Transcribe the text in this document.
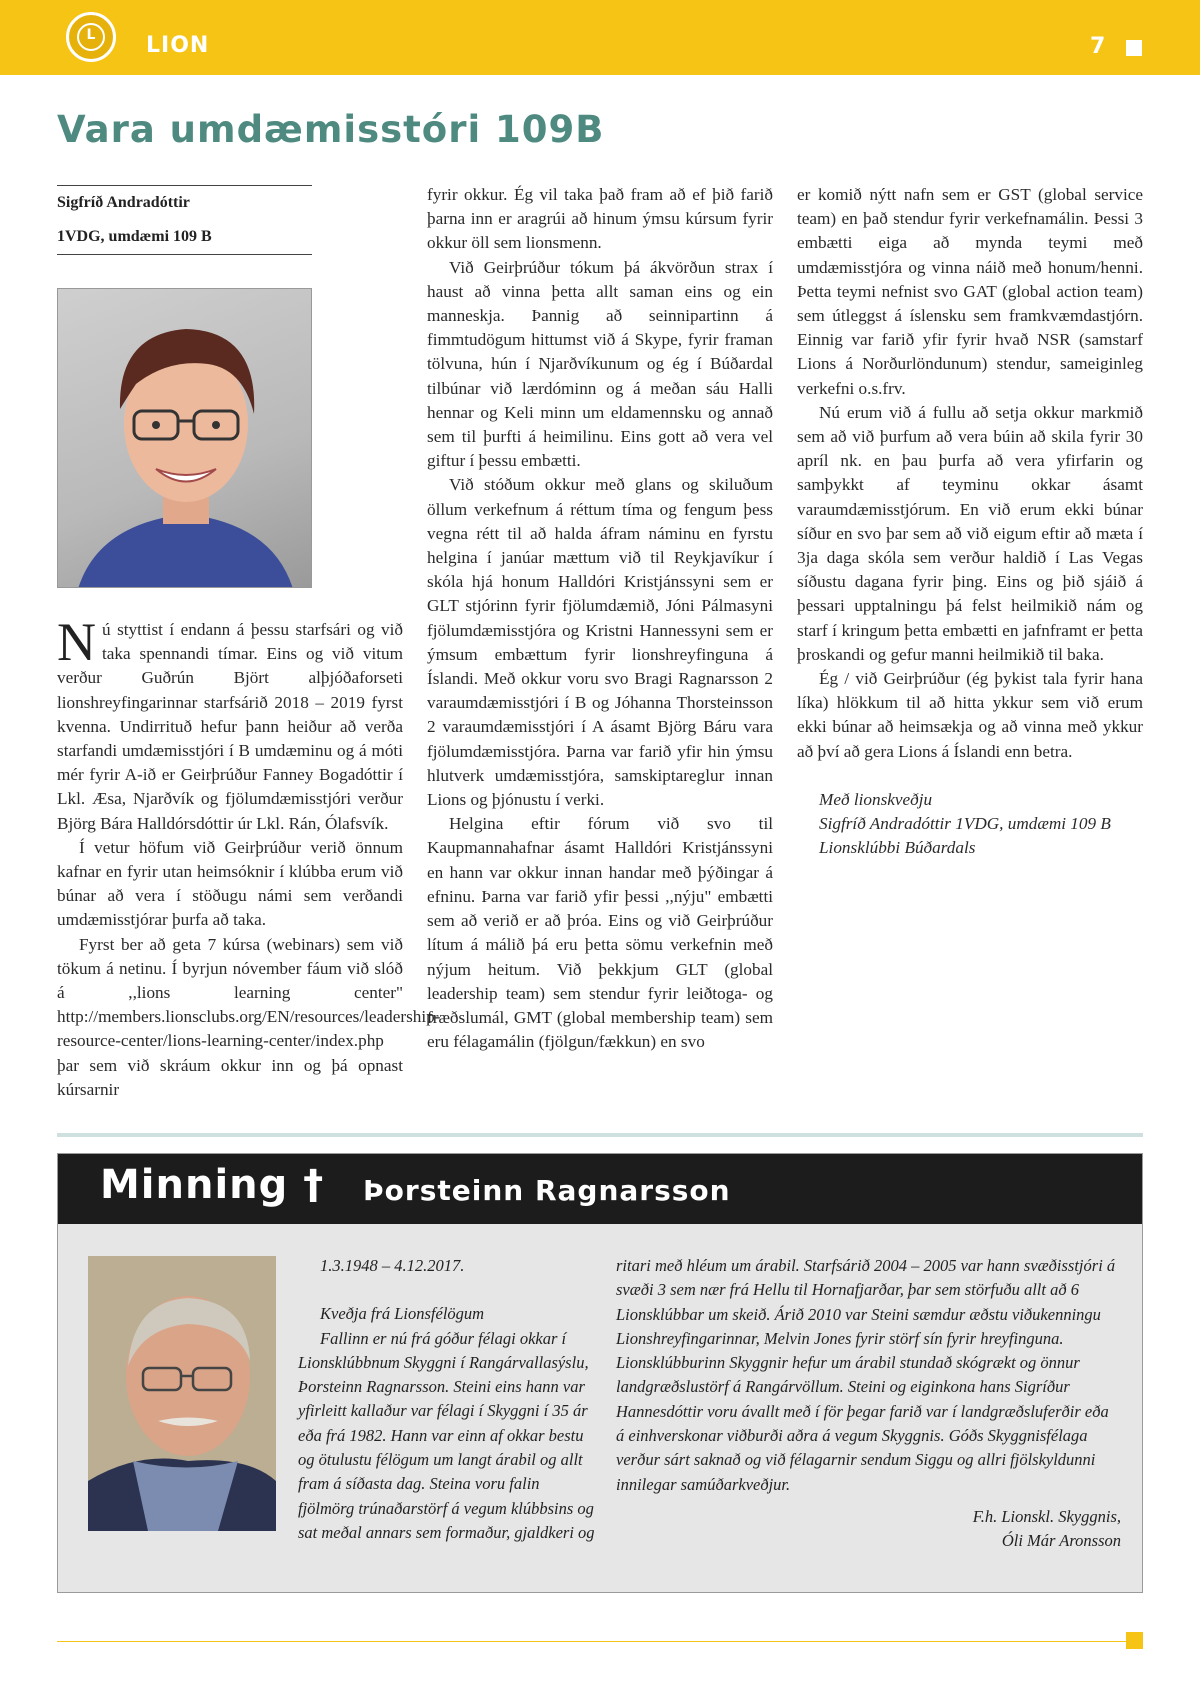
L	LION	7
Vara umdæmisstóri 109B
Sigfríð Andradóttir
1VDG, umdæmi 109 B
N ú styttist í endann á þessu starfsári og við taka spennandi tímar. Eins og við vitum verður Guðrún Björt alþjóðaforseti lionshreyfingarinnar starfsárið 2018 – 2019 fyrst kvenna. Undirrituð hefur þann heiður að verða starfandi umdæmisstjóri í B umdæminu og á móti mér fyrir A-ið er Geirþrúður Fanney Bogadóttir í Lkl. Æsa, Njarðvík og fjölumdæmisstjóri verður Björg Bára Halldórsdóttir úr Lkl. Rán, Ólafsvík.

Í vetur höfum við Geirþrúður verið önnum kafnar en fyrir utan heimsóknir í klúbba erum við búnar að vera í stöðugu námi sem verðandi umdæmisstjórar þurfa að taka.

Fyrst ber að geta 7 kúrsa (webinars) sem við tökum á netinu. Í byrjun nóvember fáum við slóð á ,,lions learning center" http://members.lionsclubs.org/EN/resources/leadership-resource-center/lions-learning-center/index.php þar sem við skráum okkur inn og þá opnast kúrsarnir

fyrir okkur. Ég vil taka það fram að ef þið farið þarna inn er aragrúi að hinum ýmsu kúrsum fyrir okkur öll sem lionsmenn.

Við Geirþrúður tókum þá ákvörðun strax í haust að vinna þetta allt saman eins og ein manneskja. Þannig að seinnipartinn á fimmtudögum hittumst við á Skype, fyrir framan tölvuna, hún í Njarðvíkunum og ég í Búðardal tilbúnar við lærdóminn og á meðan sáu Halli hennar og Keli minn um eldamennsku og annað sem til þurfti á heimilinu. Eins gott að vera vel giftur í þessu embætti.

Við stóðum okkur með glans og skiluðum öllum verkefnum á réttum tíma og fengum þess vegna rétt til að halda áfram náminu en fyrstu helgina í janúar mættum við til Reykjavíkur í skóla hjá honum Halldóri Kristjánssyni sem er GLT stjórinn fyrir fjölumdæmið, Jóni Pálmasyni fjölumdæmisstjóra og Kristni Hannessyni sem er ýmsum embættum fyrir lionshreyfinguna á Íslandi. Með okkur voru svo Bragi Ragnarsson 2 varaumdæmisstjóri í B og Jóhanna Thorsteinsson 2 varaumdæmisstjóri í A ásamt Björg Báru vara fjölumdæmisstjóra. Þarna var farið yfir hin ýmsu hlutverk umdæmisstjóra, samskiptareglur innan Lions og þjónustu í verki.

Helgina eftir fórum við svo til Kaupmannahafnar ásamt Halldóri Kristjánssyni en hann var okkur innan handar með þýðingar á efninu. Þarna var farið yfir þessi ,,nýju" embætti sem að verið er að þróa. Eins og við Geirþrúður lítum á málið þá eru þetta sömu verkefnin með nýjum heitum. Við þekkjum GLT (global leadership team) sem stendur fyrir leiðtoga- og fræðslumál, GMT (global membership team) sem eru félagamálin (fjölgun/fækkun) en svo

er komið nýtt nafn sem er GST (global service team) en það stendur fyrir verkefnamálin. Þessi 3 embætti eiga að mynda teymi með umdæmisstjóra og vinna náið með honum/henni. Þetta teymi nefnist svo GAT (global action team) sem útleggst á íslensku sem framkvæmdastjórn. Einnig var farið yfir fyrir hvað NSR (samstarf Lions á Norðurlöndunum) stendur, sameiginleg verkefni o.s.frv.

Nú erum við á fullu að setja okkur markmið sem að við þurfum að vera búin að skila fyrir 30 apríl nk. en þau þurfa að vera yfirfarin og samþykkt af teyminu okkar ásamt varaumdæmisstjórum. En við erum ekki búnar síður en svo þar sem að við eigum eftir að mæta í 3ja daga skóla sem verður haldið í Las Vegas síðustu dagana fyrir þing. Eins og þið sjáið á þessari upptalningu þá felst heilmikið nám og starf í kringum þetta embætti en jafnframt er þetta þroskandi og gefur manni heilmikið til baka.

Ég / við Geirþrúður (ég þykist tala fyrir hana líka) hlökkum til að hitta ykkur sem við erum ekki búnar að heimsækja og að vinna með ykkur að því að gera Lions á Íslandi enn betra.

Með lionskveðju
Sigfríð Andradóttir 1VDG, umdæmi 109 B
Lionsklúbbi Búðardals
Minning † Þorsteinn Ragnarsson
1.3.1948 – 4.12.2017.
Kveðja frá Lionsfélögum
Fallinn er nú frá góður félagi okkar í Lionsklúbbnum Skyggni í Rangárvallasýslu, Þorsteinn Ragnarsson. Steini eins hann var yfirleitt kallaður var félagi í Skyggni í 35 ár eða frá 1982. Hann var einn af okkar bestu og ötulustu félögum um langt árabil og allt fram á síðasta dag. Steina voru falin fjölmörg trúnaðarstörf á vegum klúbbsins og sat meðal annars sem formaður, gjaldkeri og
ritari með hléum um árabil. Starfsárið 2004 – 2005 var hann svæðisstjóri á svæði 3 sem nær frá Hellu til Hornafjarðar, þar sem störfuðu allt að 6 Lionsklúbbar um skeið. Árið 2010 var Steini sæmdur æðstu viðukenningu Lionshreyfingarinnar, Melvin Jones fyrir störf sín fyrir hreyfinguna. Lionsklúbburinn Skyggnir hefur um árabil stundað skógrækt og önnur landgræðslustörf á Rangárvöllum. Steini og eiginkona hans Sigríður Hannesdóttir voru ávallt með í för þegar farið var í landgræðsluferðir eða á einhverskonar viðburði aðra á vegum Skyggnis. Góðs Skyggnisfélaga verður sárt saknað og við félagarnir sendum Siggu og allri fjölskyldunni innilegar samúðarkveðjur.
F.h. Lionskl. Skyggnis,
Óli Már Aronsson
